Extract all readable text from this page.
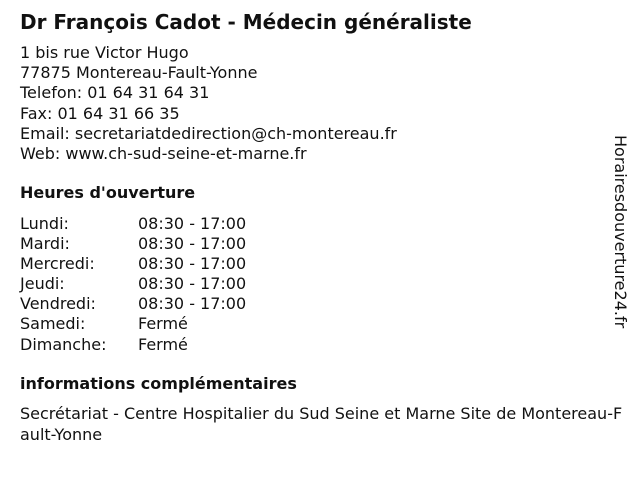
Dr François Cadot - Médecin généraliste
1 bis rue Victor Hugo
77875 Montereau-Fault-Yonne
Telefon: 01 64 31 64 31
Fax: 01 64 31 66 35
Email: secretariatdedirection@ch-montereau.fr
Web: www.ch-sud-seine-et-marne.fr
Heures d'ouverture
Lundi:	08:30 - 17:00
Mardi:	08:30 - 17:00
Mercredi:	08:30 - 17:00
Jeudi:	08:30 - 17:00
Vendredi:	08:30 - 17:00
Samedi:	Fermé
Dimanche: Fermé
informations complémentaires
Secrétariat - Centre Hospitalier du Sud Seine et Marne Site de Montereau-Fault-Yonne
Horairesdouverture24.fr
